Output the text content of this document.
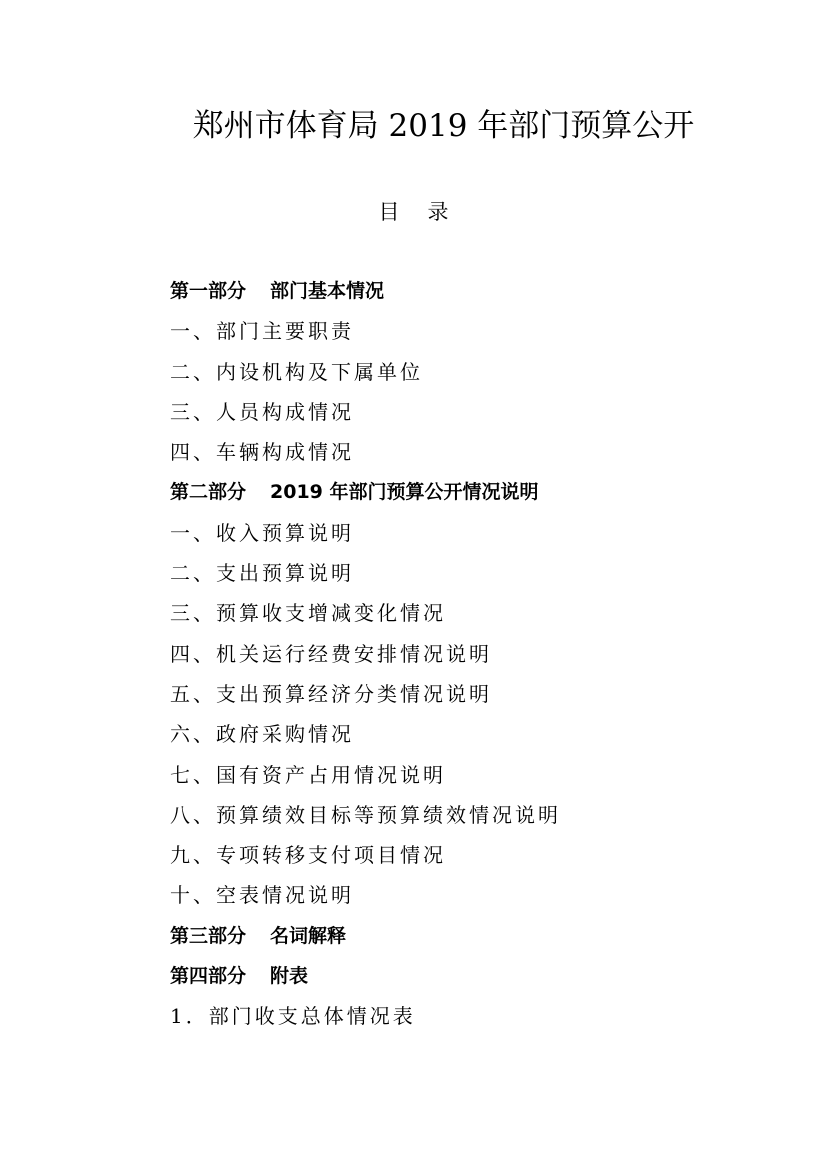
郑州市体育局 2019 年部门预算公开
目 录
第一部分 部门基本情况
一、部门主要职责
二、内设机构及下属单位
三、人员构成情况
四、车辆构成情况
第二部分 2019 年部门预算公开情况说明
一、收入预算说明
二、支出预算说明
三、预算收支增减变化情况
四、机关运行经费安排情况说明
五、支出预算经济分类情况说明
六、政府采购情况
七、国有资产占用情况说明
八、预算绩效目标等预算绩效情况说明
九、专项转移支付项目情况
十、空表情况说明
第三部分 名词解释
第四部分 附表
1．部门收支总体情况表
